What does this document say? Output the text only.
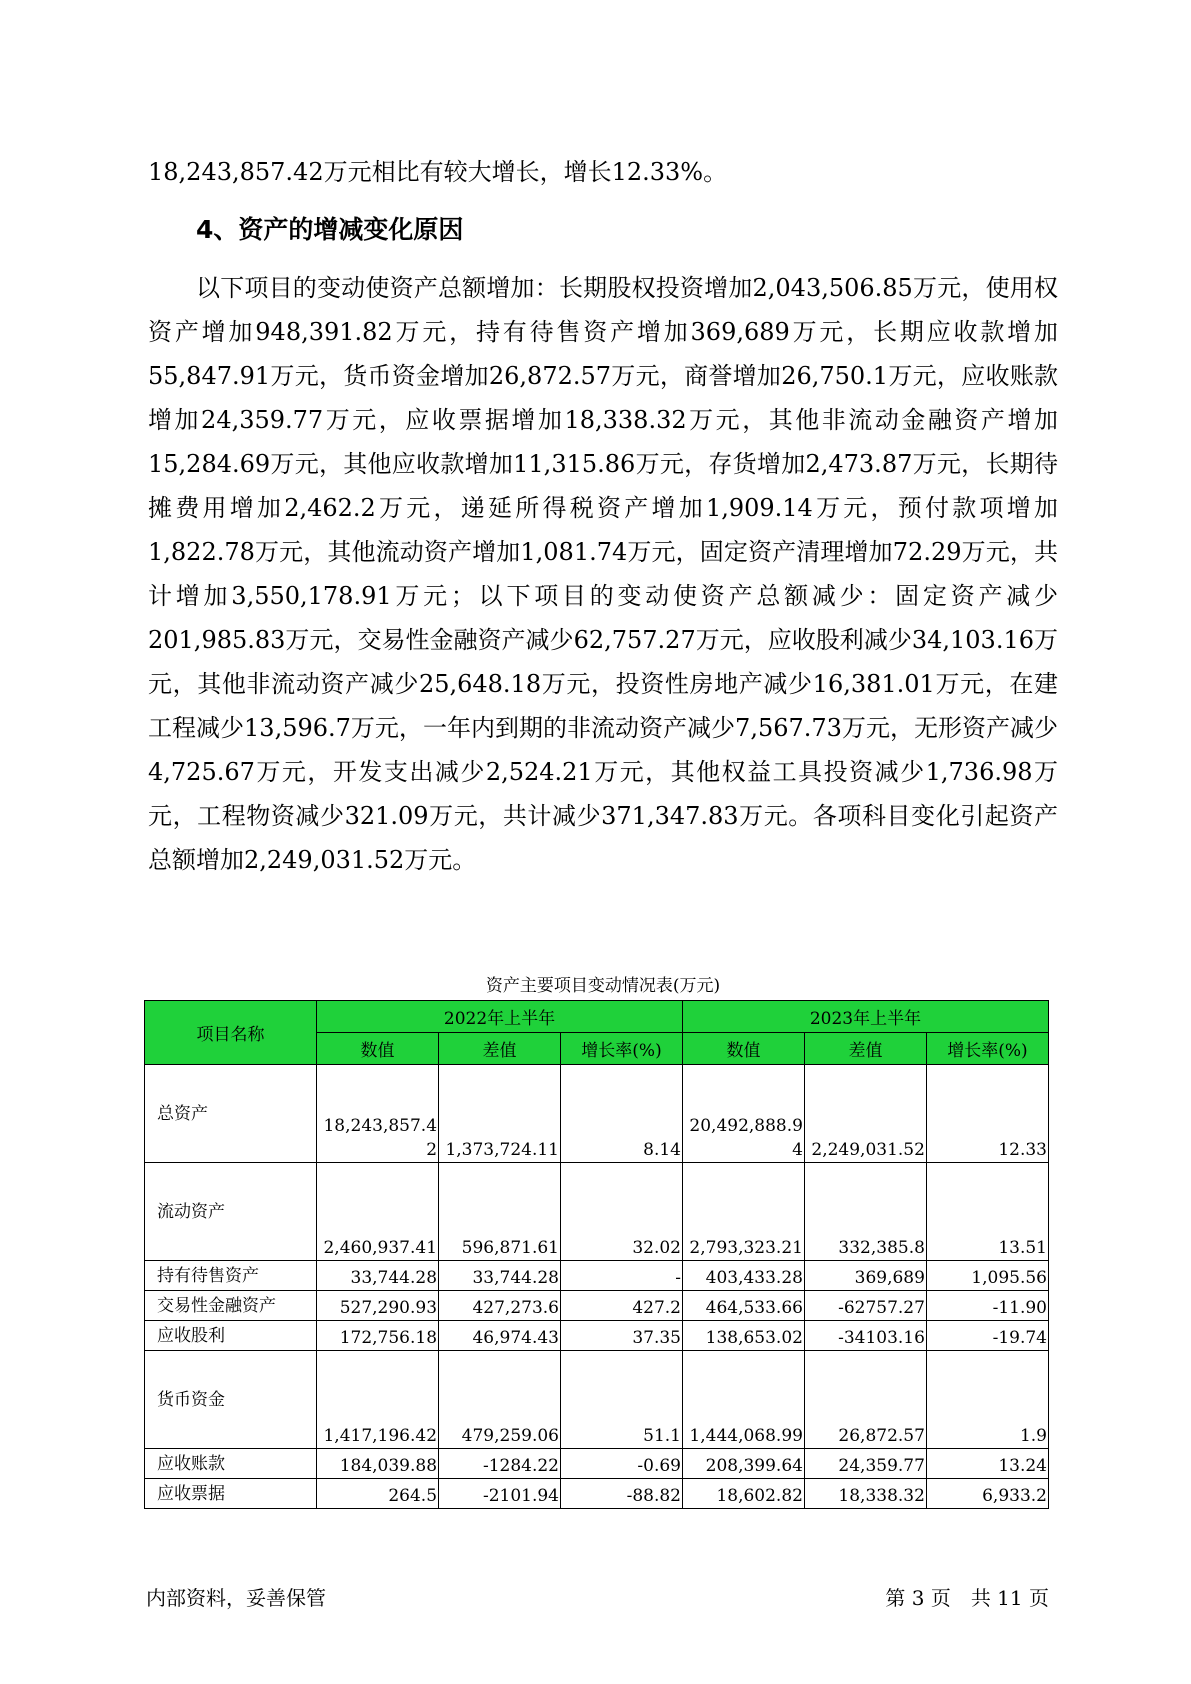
18,243,857.42万元相比有较大增长，增长12.33%。

4、资产的增减变化原因

以下项目的变动使资产总额增加：长期股权投资增加2,043,506.85万元，使用权资产增加948,391.82万元，持有待售资产增加369,689万元，长期应收款增加55,847.91万元，货币资金增加26,872.57万元，商誉增加26,750.1万元，应收账款增加24,359.77万元，应收票据增加18,338.32万元，其他非流动金融资产增加15,284.69万元，其他应收款增加11,315.86万元，存货增加2,473.87万元，长期待摊费用增加2,462.2万元，递延所得税资产增加1,909.14万元，预付款项增加1,822.78万元，其他流动资产增加1,081.74万元，固定资产清理增加72.29万元，共计增加3,550,178.91万元；以下项目的变动使资产总额减少：固定资产减少201,985.83万元，交易性金融资产减少62,757.27万元，应收股利减少34,103.16万元，其他非流动资产减少25,648.18万元，投资性房地产减少16,381.01万元，在建工程减少13,596.7万元，一年内到期的非流动资产减少7,567.73万元，无形资产减少4,725.67万元，开发支出减少2,524.21万元，其他权益工具投资减少1,736.98万元，工程物资减少321.09万元，共计减少371,347.83万元。各项科目变化引起资产总额增加2,249,031.52万元。

资产主要项目变动情况表(万元)
项目名称	2022年上半年			2023年上半年		
	数值	差值	增长率(%)	数值	差值	增长率(%)
总资产	18,243,857.42	1,373,724.11	8.14	20,492,888.94	2,249,031.52	12.33
流动资产	2,460,937.41	596,871.61	32.02	2,793,323.21	332,385.8	13.51
持有待售资产	33,744.28	33,744.28	-	403,433.28	369,689	1,095.56
交易性金融资产	527,290.93	427,273.6	427.2	464,533.66	-62757.27	-11.90
应收股利	172,756.18	46,974.43	37.35	138,653.02	-34103.16	-19.74
货币资金	1,417,196.42	479,259.06	51.1	1,444,068.99	26,872.57	1.9
应收账款	184,039.88	-1284.22	-0.69	208,399.64	24,359.77	13.24
应收票据	264.5	-2101.94	-88.82	18,602.82	18,338.32	6,933.2
内部资料，妥善保管	第 3 页　共 11 页
